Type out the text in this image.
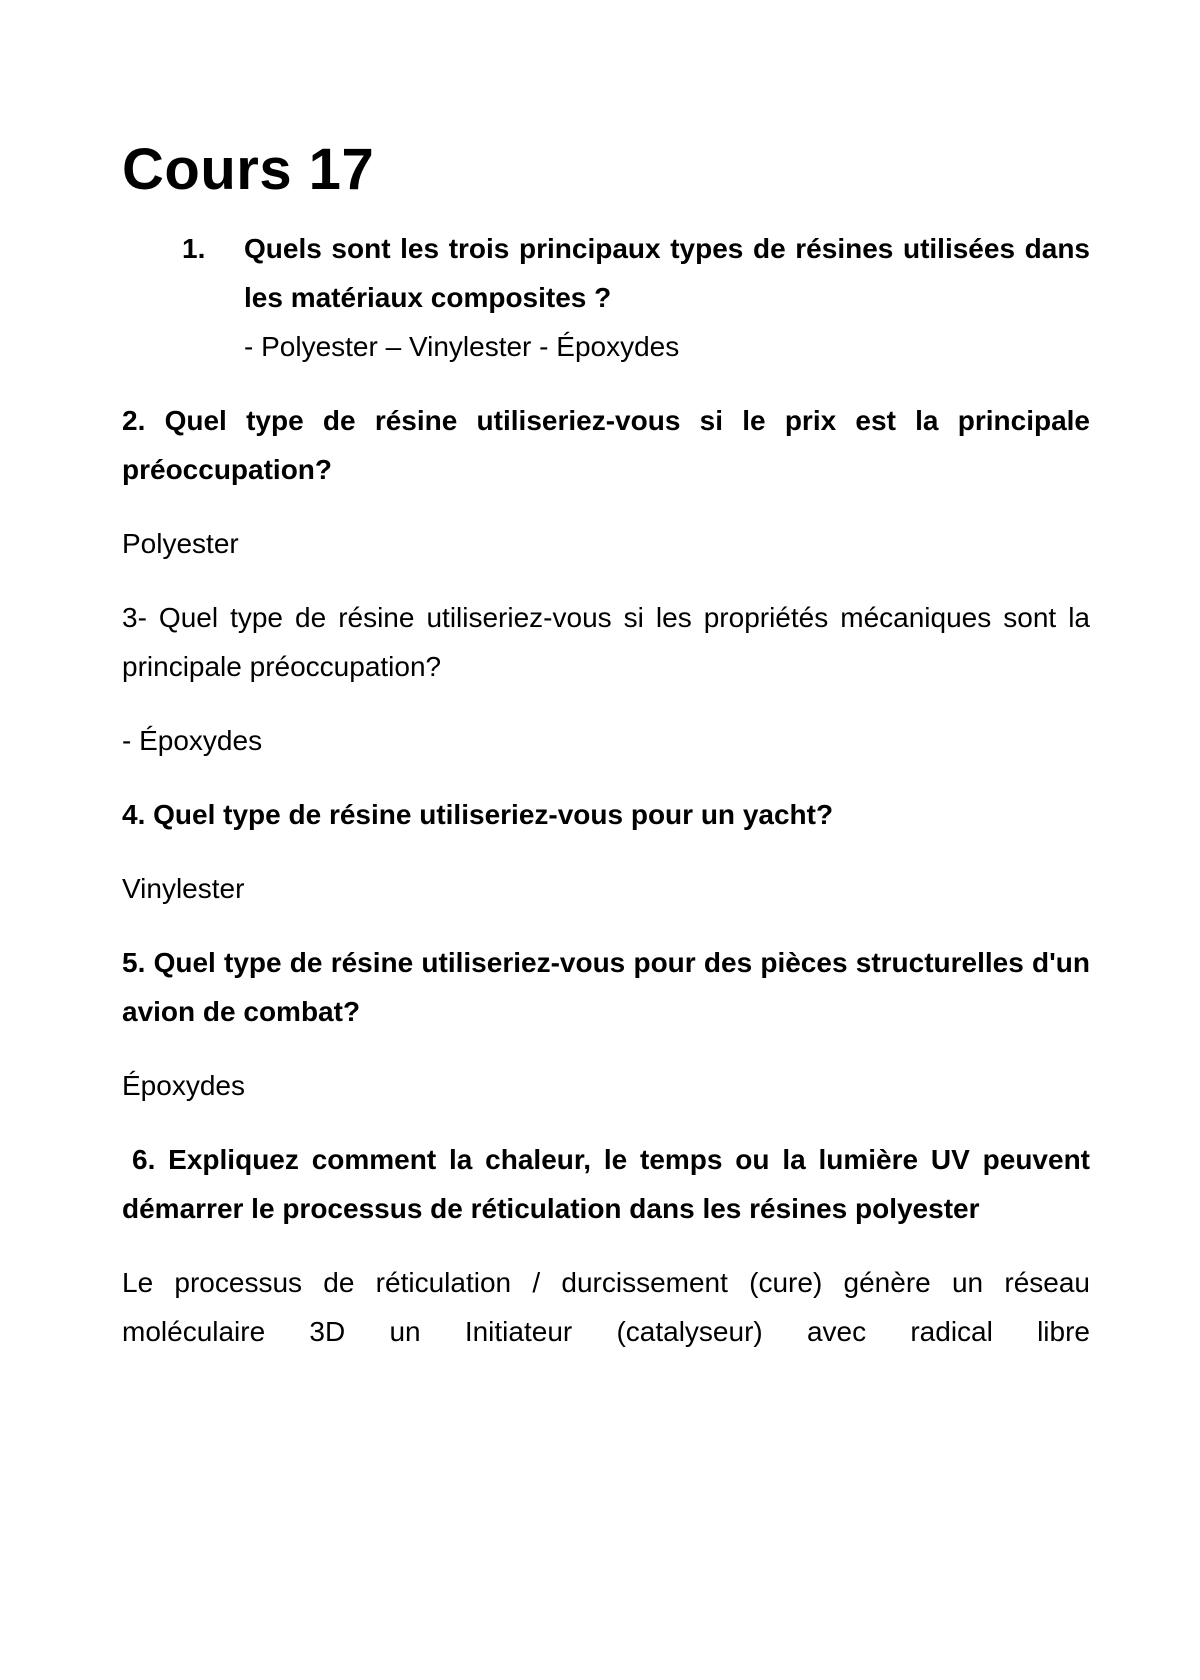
Cours 17
1. Quels sont les trois principaux types de résines utilisées dans les matériaux composites ?
- Polyester – Vinylester - Époxydes

2. Quel type de résine utiliseriez-vous si le prix est la principale préoccupation?

Polyester

3- Quel type de résine utiliseriez-vous si les propriétés mécaniques sont la principale préoccupation?

- Époxydes

4. Quel type de résine utiliseriez-vous pour un yacht?

Vinylester

5. Quel type de résine utiliseriez-vous pour des pièces structurelles d'un avion de combat?

Époxydes

6. Expliquez comment la chaleur, le temps ou la lumière UV peuvent démarrer le processus de réticulation dans les résines polyester

Le processus de réticulation / durcissement (cure) génère un réseau moléculaire 3D un Initiateur (catalyseur) avec radical libre
